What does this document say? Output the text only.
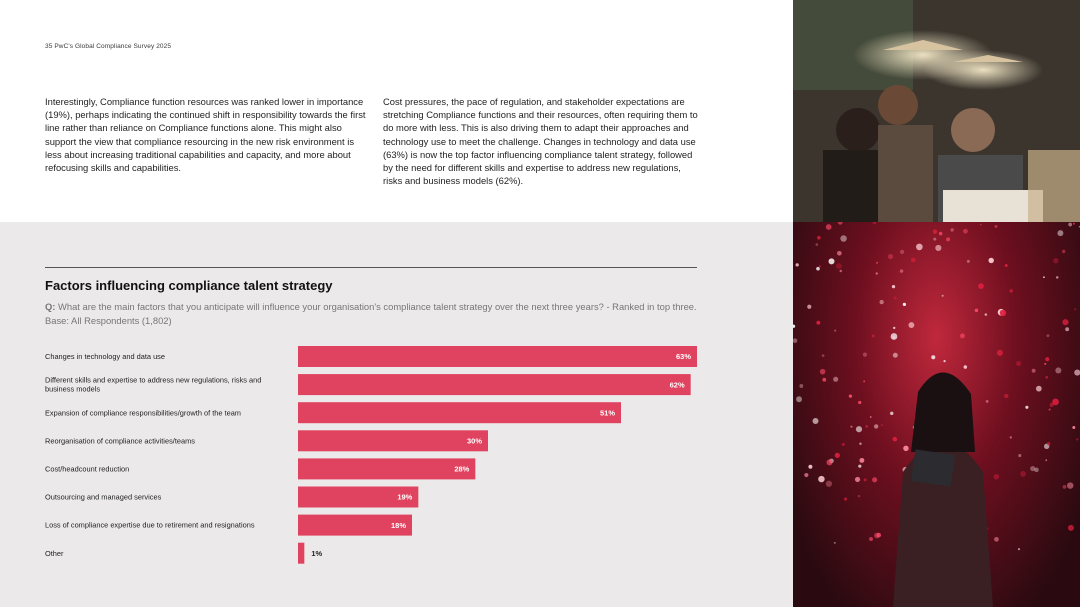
35 PwC's Global Compliance Survey 2025
Interestingly, Compliance function resources was ranked lower in importance (19%), perhaps indicating the continued shift in responsibility towards the first line rather than reliance on Compliance functions alone. This might also support the view that compliance resourcing in the new risk environment is less about increasing traditional capabilities and capacity, and more about refocusing skills and capabilities.
Cost pressures, the pace of regulation, and stakeholder expectations are stretching Compliance functions and their resources, often requiring them to do more with less. This is also driving them to adapt their approaches and technology use to meet the challenge. Changes in technology and data use (63%) is now the top factor influencing compliance talent strategy, followed by the need for different skills and expertise to address new regulations, risks and business models (62%).
Factors influencing compliance talent strategy
Q: What are the main factors that you anticipate will influence your organisation's compliance talent strategy over the next three years? - Ranked in top three. Base: All Respondents (1,802)
63%
Changes in technology and data use
62%
Different skills and expertise to address new regulations, risks and business models
51%
Expansion of compliance responsibilities/growth of the team
30%
Reorganisation of compliance activities/teams
28%
Cost/headcount reduction
19%
Outsourcing and managed services
18%
Loss of compliance expertise due to retirement and resignations
1%
Other
